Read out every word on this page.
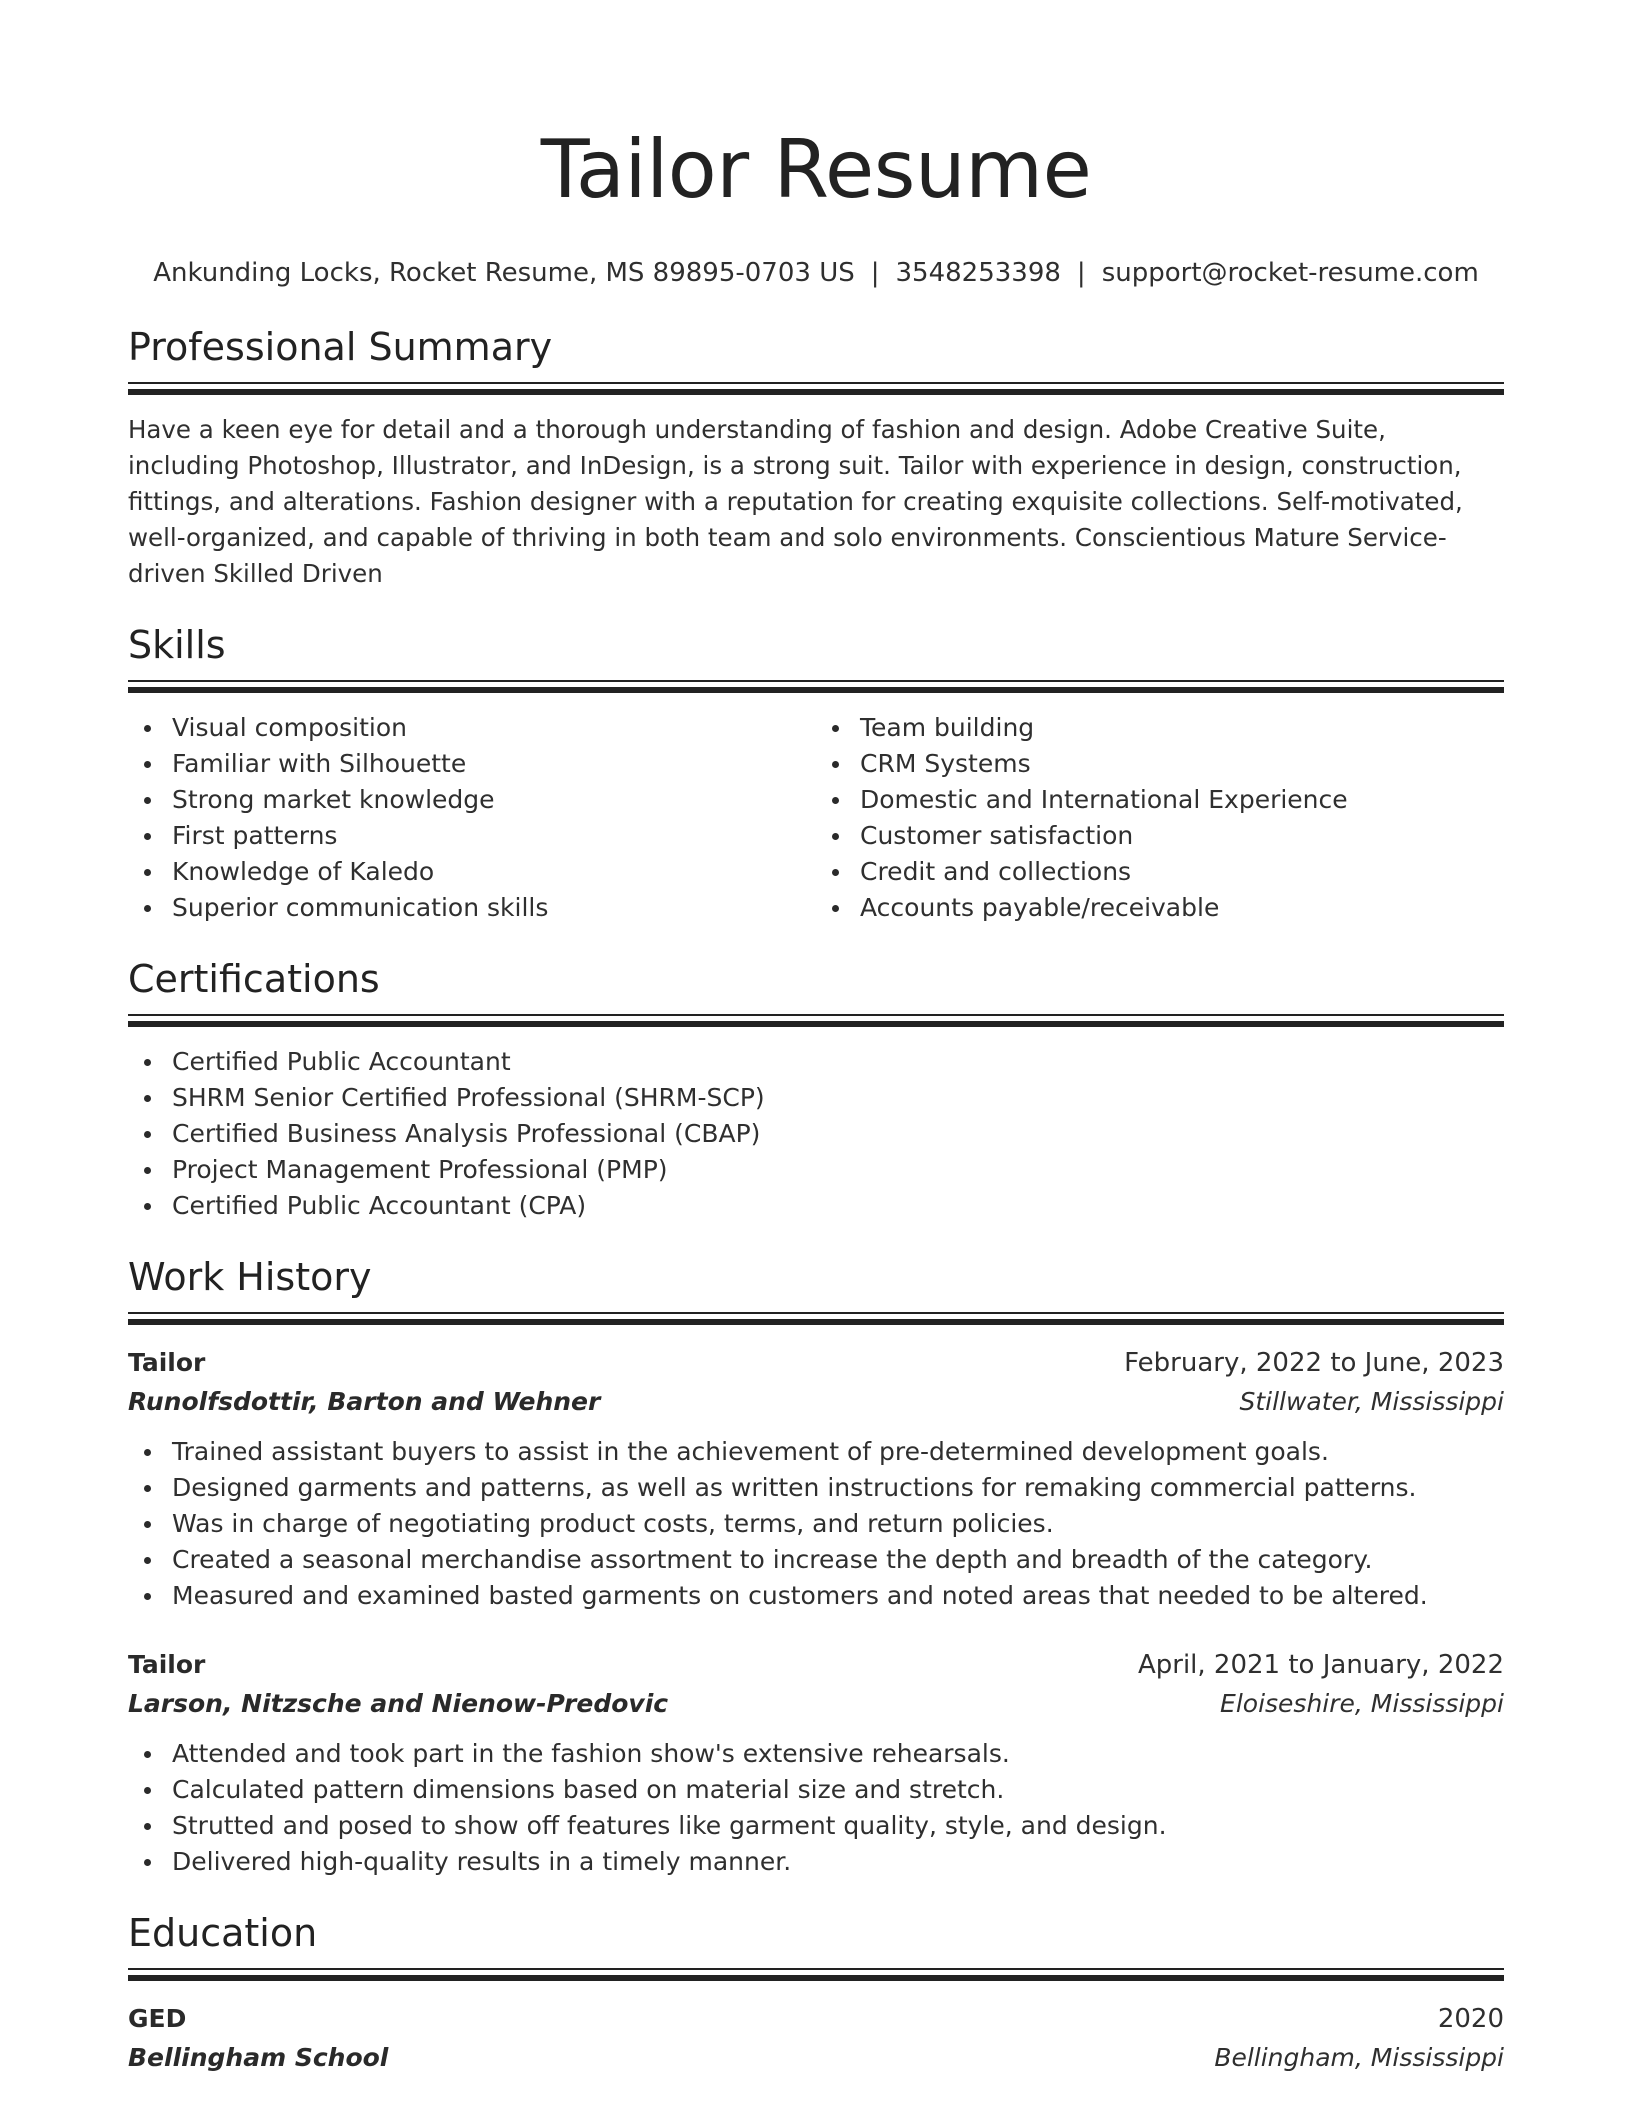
Tailor Resume
Ankunding Locks, Rocket Resume, MS 89895-0703 US | 3548253398 | support@rocket-resume.com
Professional Summary

Have a keen eye for detail and a thorough understanding of fashion and design. Adobe Creative Suite, including Photoshop, Illustrator, and InDesign, is a strong suit. Tailor with experience in design, construction, fittings, and alterations. Fashion designer with a reputation for creating exquisite collections. Self-motivated, well-organized, and capable of thriving in both team and solo environments. Conscientious Mature Service-driven Skilled Driven

Skills
Visual composition
Familiar with Silhouette
Strong market knowledge
First patterns
Knowledge of Kaledo
Superior communication skills
Team building
CRM Systems
Domestic and International Experience
Customer satisfaction
Credit and collections
Accounts payable/receivable
Certifications
Certified Public Accountant
SHRM Senior Certified Professional (SHRM-SCP)
Certified Business Analysis Professional (CBAP)
Project Management Professional (PMP)
Certified Public Accountant (CPA)
Work History
Tailor	February, 2022 to June, 2023
Runolfsdottir, Barton and Wehner	Stillwater, Mississippi
Trained assistant buyers to assist in the achievement of pre-determined development goals.
Designed garments and patterns, as well as written instructions for remaking commercial patterns.
Was in charge of negotiating product costs, terms, and return policies.
Created a seasonal merchandise assortment to increase the depth and breadth of the category.
Measured and examined basted garments on customers and noted areas that needed to be altered.
Tailor	April, 2021 to January, 2022
Larson, Nitzsche and Nienow-Predovic	Eloiseshire, Mississippi
Attended and took part in the fashion show's extensive rehearsals.
Calculated pattern dimensions based on material size and stretch.
Strutted and posed to show off features like garment quality, style, and design.
Delivered high-quality results in a timely manner.
Education
GED	2020
Bellingham School	Bellingham, Mississippi
